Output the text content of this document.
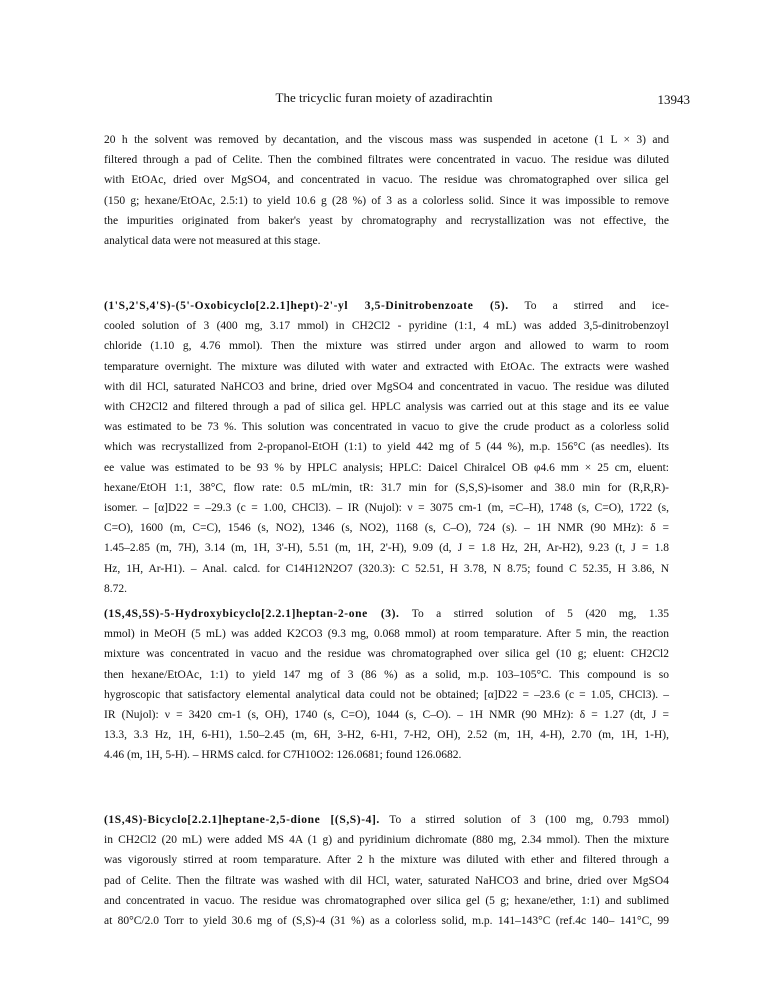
The tricyclic furan moiety of azadirachtin	13943
20 h the solvent was removed by decantation, and the viscous mass was suspended in acetone (1 L × 3) and
filtered through a pad of Celite. Then the combined filtrates were concentrated in vacuo. The residue was diluted
with EtOAc, dried over MgSO4, and concentrated in vacuo. The residue was chromatographed over silica gel
(150 g; hexane/EtOAc, 2.5:1) to yield 10.6 g (28 %) of 3 as a colorless solid. Since it was impossible to remove
the impurities originated from baker's yeast by chromatography and recrystallization was not effective, the
analytical data were not measured at this stage.
(1'S,2'S,4'S)-(5'-Oxobicyclo[2.2.1]hept)-2'-yl 3,5-Dinitrobenzoate (5). To a stirred and ice-
cooled solution of 3 (400 mg, 3.17 mmol) in CH2Cl2 - pyridine (1:1, 4 mL) was added 3,5-dinitrobenzoyl
chloride (1.10 g, 4.76 mmol). Then the mixture was stirred under argon and allowed to warm to room
temparature overnight. The mixture was diluted with water and extracted with EtOAc. The extracts were washed
with dil HCl, saturated NaHCO3 and brine, dried over MgSO4 and concentrated in vacuo. The residue was diluted
with CH2Cl2 and filtered through a pad of silica gel. HPLC analysis was carried out at this stage and its ee value
was estimated to be 73 %. This solution was concentrated in vacuo to give the crude product as a colorless solid
which was recrystallized from 2-propanol-EtOH (1:1) to yield 442 mg of 5 (44 %), m.p. 156°C (as needles). Its
ee value was estimated to be 93 % by HPLC analysis; HPLC: Daicel Chiralcel OB φ4.6 mm × 25 cm, eluent:
hexane/EtOH 1:1, 38°C, flow rate: 0.5 mL/min, tR: 31.7 min for (S,S,S)-isomer and 38.0 min for (R,R,R)-
isomer. – [α]D22 = –29.3 (c = 1.00, CHCl3). – IR (Nujol): ν = 3075 cm-1 (m, =C–H), 1748 (s, C=O), 1722 (s,
C=O), 1600 (m, C=C), 1546 (s, NO2), 1346 (s, NO2), 1168 (s, C–O), 724 (s). – 1H NMR (90 MHz): δ =
1.45–2.85 (m, 7H), 3.14 (m, 1H, 3'-H), 5.51 (m, 1H, 2'-H), 9.09 (d, J = 1.8 Hz, 2H, Ar-H2), 9.23 (t, J = 1.8
Hz, 1H, Ar-H1). – Anal. calcd. for C14H12N2O7 (320.3): C 52.51, H 3.78, N 8.75; found C 52.35, H 3.86, N
8.72.
(1S,4S,5S)-5-Hydroxybicyclo[2.2.1]heptan-2-one (3). To a stirred solution of 5 (420 mg, 1.35
mmol) in MeOH (5 mL) was added K2CO3 (9.3 mg, 0.068 mmol) at room temparature. After 5 min, the reaction
mixture was concentrated in vacuo and the residue was chromatographed over silica gel (10 g; eluent: CH2Cl2
then hexane/EtOAc, 1:1) to yield 147 mg of 3 (86 %) as a solid, m.p. 103–105°C. This compound is so
hygroscopic that satisfactory elemental analytical data could not be obtained; [α]D22 = –23.6 (c = 1.05, CHCl3). –
IR (Nujol): ν = 3420 cm-1 (s, OH), 1740 (s, C=O), 1044 (s, C–O). – 1H NMR (90 MHz): δ = 1.27 (dt, J =
13.3, 3.3 Hz, 1H, 6-H1), 1.50–2.45 (m, 6H, 3-H2, 6-H1, 7-H2, OH), 2.52 (m, 1H, 4-H), 2.70 (m, 1H, 1-H),
4.46 (m, 1H, 5-H). – HRMS calcd. for C7H10O2: 126.0681; found 126.0682.
(1S,4S)-Bicyclo[2.2.1]heptane-2,5-dione [(S,S)-4]. To a stirred solution of 3 (100 mg, 0.793 mmol)
in CH2Cl2 (20 mL) were added MS 4A (1 g) and pyridinium dichromate (880 mg, 2.34 mmol). Then the mixture
was vigorously stirred at room temparature. After 2 h the mixture was diluted with ether and filtered through a
pad of Celite. Then the filtrate was washed with dil HCl, water, saturated NaHCO3 and brine, dried over MgSO4
and concentrated in vacuo. The residue was chromatographed over silica gel (5 g; hexane/ether, 1:1) and sublimed
at 80°C/2.0 Torr to yield 30.6 mg of (S,S)-4 (31 %) as a colorless solid, m.p. 141–143°C (ref.4c 140– 141°C, 99
